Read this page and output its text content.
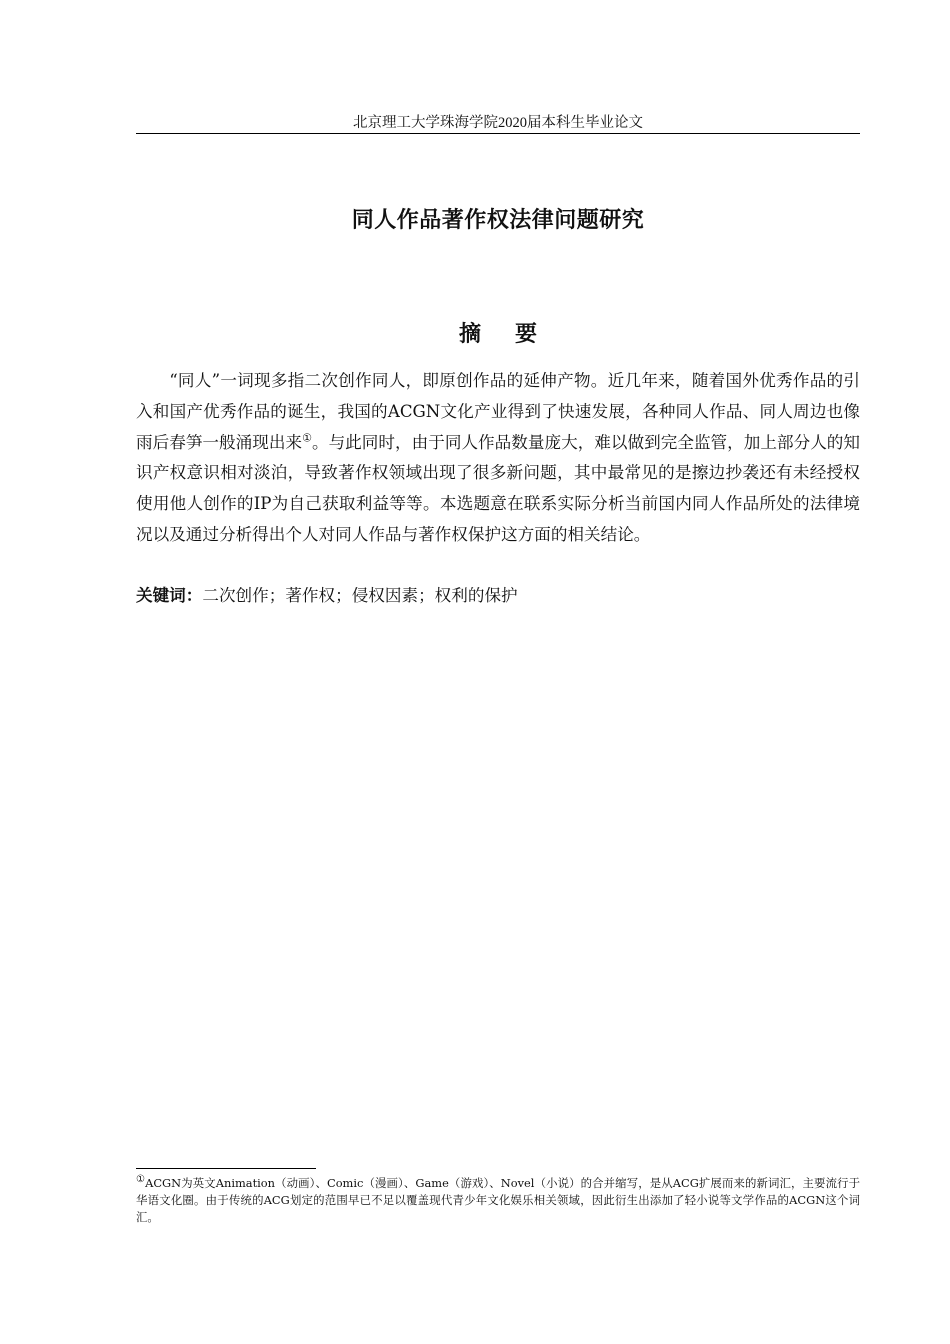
北京理工大学珠海学院2020届本科生毕业论文
同人作品著作权法律问题研究
摘要
“同人”一词现多指二次创作同人，即原创作品的延伸产物。近几年来，随着国外优秀作品的引入和国产优秀作品的诞生，我国的ACGN文化产业得到了快速发展，各种同人作品、同人周边也像雨后春笋一般涌现出来①。与此同时，由于同人作品数量庞大，难以做到完全监管，加上部分人的知识产权意识相对淡泊，导致著作权领域出现了很多新问题，其中最常见的是擦边抄袭还有未经授权使用他人创作的IP为自己获取利益等等。本选题意在联系实际分析当前国内同人作品所处的法律境况以及通过分析得出个人对同人作品与著作权保护这方面的相关结论。
关键词：二次创作；著作权；侵权因素；权利的保护
①ACGN为英文Animation（动画）、Comic（漫画）、Game（游戏）、Novel（小说）的合并缩写，是从ACG扩展而来的新词汇，主要流行于华语文化圈。由于传统的ACG划定的范围早已不足以覆盖现代青少年文化娱乐相关领域，因此衍生出添加了轻小说等文学作品的ACGN这个词汇。
